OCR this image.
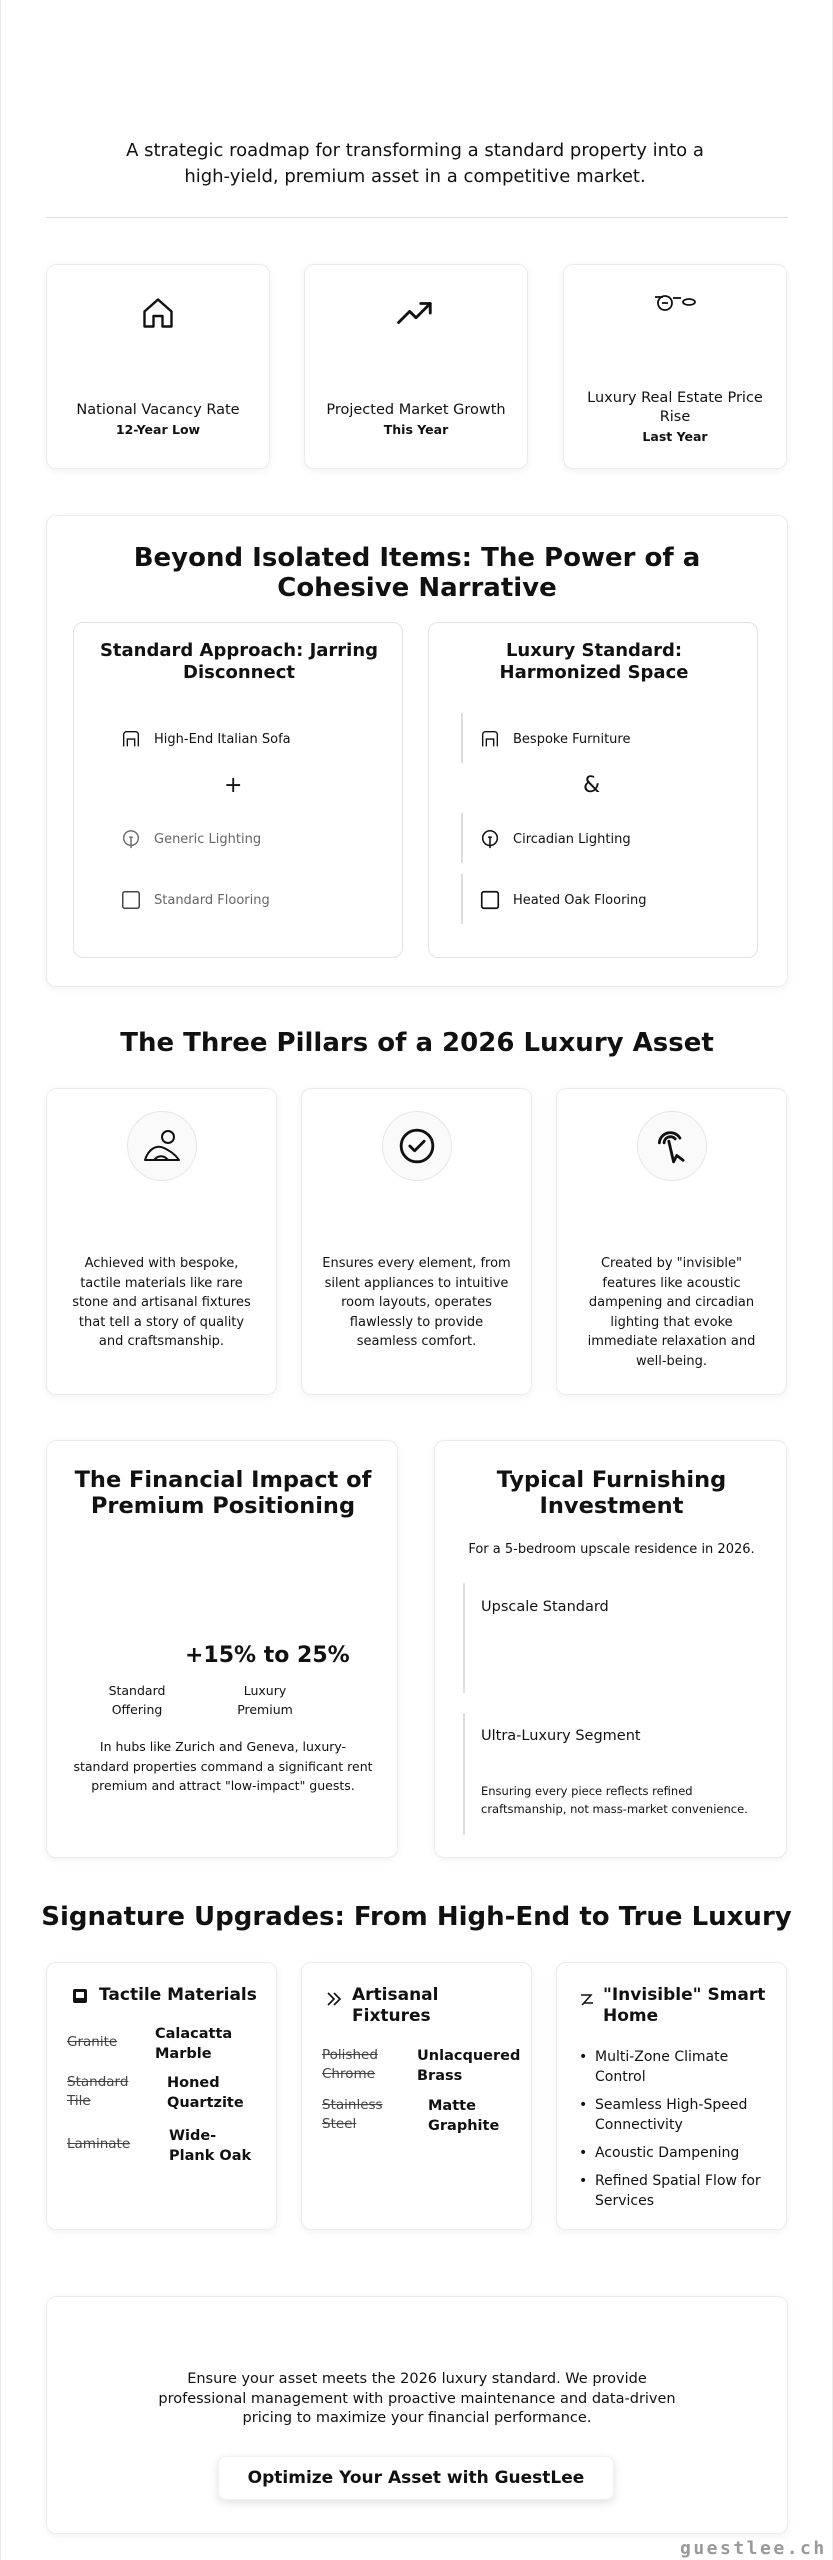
A strategic roadmap for transforming a standard property into a high-yield, premium asset in a competitive market.

National Vacancy Rate
12-Year Low
Projected Market Growth
This Year
Luxury Real Estate Price Rise
Last Year
Beyond Isolated Items: The Power of a Cohesive Narrative
Standard Approach: Jarring Disconnect
High-End Italian Sofa
+
Generic Lighting
Standard Flooring
Luxury Standard: Harmonized Space
Bespoke Furniture
&
Circadian Lighting
Heated Oak Flooring
The Three Pillars of a 2026 Luxury Asset
Achieved with bespoke, tactile materials like rare stone and artisanal fixtures that tell a story of quality and craftsmanship.
Ensures every element, from silent appliances to intuitive room layouts, operates flawlessly to provide seamless comfort.
Created by "invisible" features like acoustic dampening and circadian lighting that evoke immediate relaxation and well-being.
The Financial Impact of Premium Positioning
+15% to 25%
Standard Offering
Luxury Premium
In hubs like Zurich and Geneva, luxury-standard properties command a significant rent premium and attract "low-impact" guests.
Typical Furnishing Investment
For a 5-bedroom upscale residence in 2026.
Upscale Standard
Ultra-Luxury Segment
Ensuring every piece reflects refined craftsmanship, not mass-market convenience.
Signature Upgrades: From High-End to True Luxury
Tactile Materials
Granite	Calacatta Marble
Standard Tile
Honed Quartzite
Laminate	Wide-Plank Oak
Artisanal Fixtures
Polished Chrome
Unlacquered Brass
Stainless Steel
Matte Graphite
"Invisible" Smart Home
• Multi-Zone Climate Control
• Seamless High-Speed Connectivity
• Acoustic Dampening
• Refined Spatial Flow for Services
Ensure your asset meets the 2026 luxury standard. We provide professional management with proactive maintenance and data-driven pricing to maximize your financial performance.
Optimize Your Asset with GuestLee
guestlee.ch
